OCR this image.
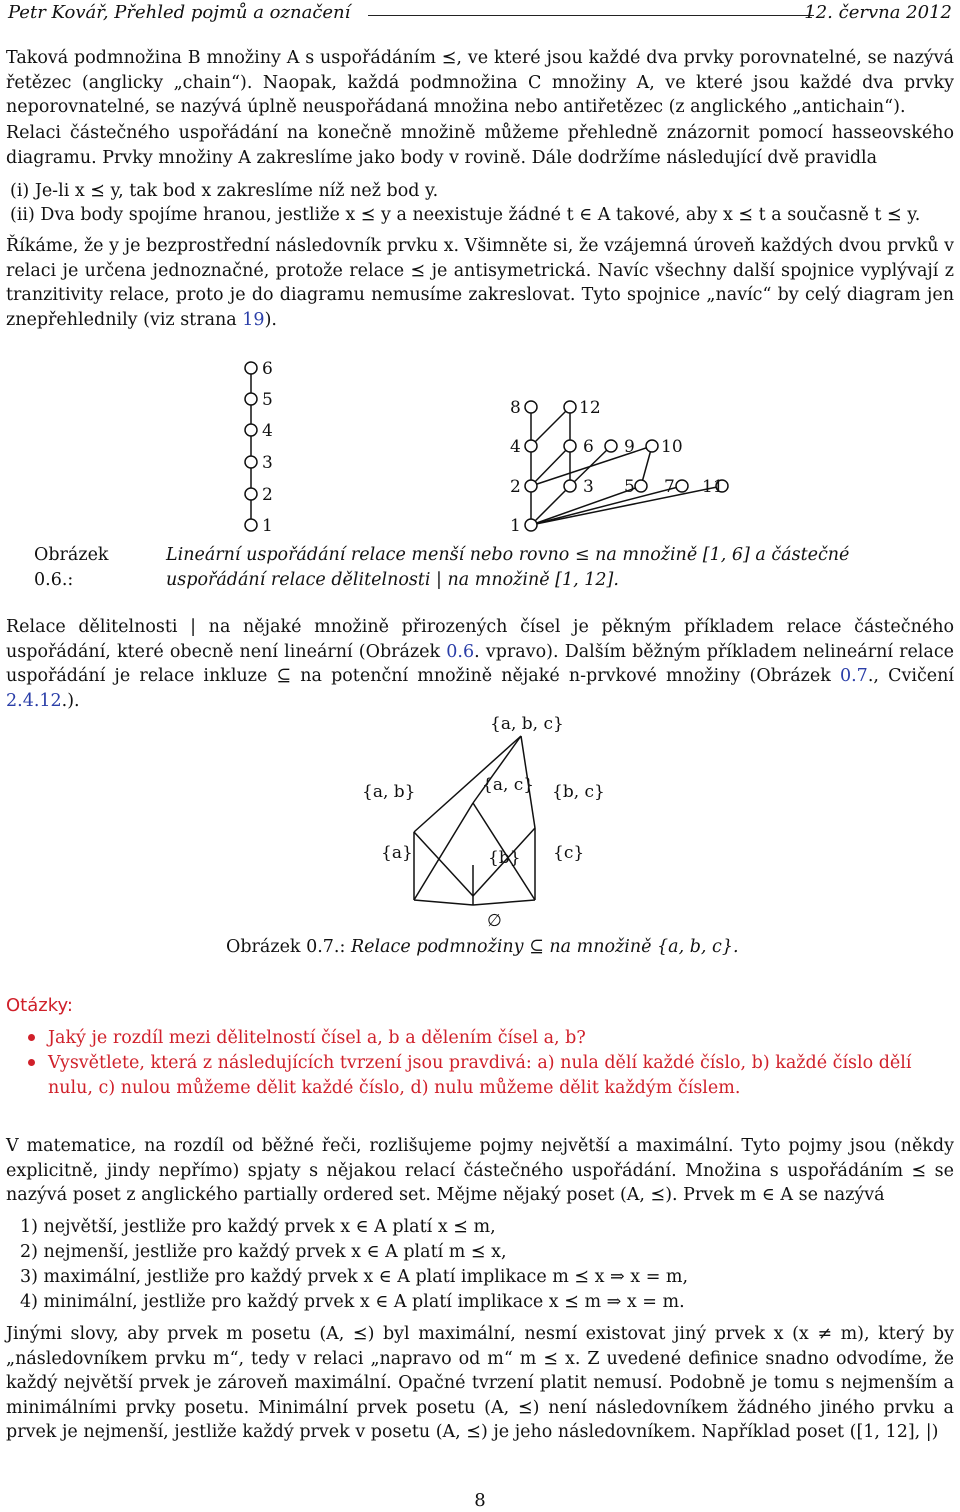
Petr Kovář, Přehled pojmů a označení	12. června 2012
Taková podmnožina B množiny A s uspořádáním ⪯, ve které jsou každé dva prvky porovnatelné, se nazývá řetězec (anglicky „chain“). Naopak, každá podmnožina C množiny A, ve které jsou každé dva prvky neporovnatelné, se nazývá úplně neuspořádaná množina nebo antiřetězec (z anglického „antichain“).
Relaci částečného uspořádání na konečně množině můžeme přehledně znázornit pomocí hasseovského diagramu. Prvky množiny A zakreslíme jako body v rovině. Dále dodržíme následující dvě pravidla
(i) Je-li x ⪯ y, tak bod x zakreslíme níž než bod y.
(ii) Dva body spojíme hranou, jestliže x ⪯ y a neexistuje žádné t ∈ A takové, aby x ⪯ t a současně t ⪯ y.
Říkáme, že y je bezprostřední následovník prvku x. Všimněte si, že vzájemná úroveň každých dvou prvků v relaci je určena jednoznačné, protože relace ⪯ je antisymetrická. Navíc všechny další spojnice vyplývají z tranzitivity relace, proto je do diagramu nemusíme zakreslovat. Tyto spojnice „navíc“ by celý diagram jen znepřehlednily (viz strana 19).
6
5
4
3
2
1	1
2	3 5 7 11
4	6 9 10
8	12
Obrázek 0.6.:
Lineární uspořádání relace menší nebo rovno ≤ na množině [1, 6] a částečné uspořádání relace dělitelnosti | na množině [1, 12].
Relace dělitelnosti | na nějaké množině přirozených čísel je pěkným příkladem relace částečného uspořádání, které obecně není lineární (Obrázek 0.6. vpravo). Dalším běžným příkladem nelineární relace uspořádání je relace inkluze ⊆ na potenční množině nějaké n-prvkové množiny (Obrázek 0.7., Cvičení 2.4.12.).
{a, b, c}
{a, b}	{a, c} {b, c}
{a}	{b} {c}
∅
Obrázek 0.7.: Relace podmnožiny ⊆ na množině {a, b, c}.
Otázky:
Jaký je rozdíl mezi dělitelností čísel a, b a dělením čísel a, b?
Vysvětlete, která z následujících tvrzení jsou pravdivá: a) nula dělí každé číslo, b) každé číslo dělí nulu, c) nulou můžeme dělit každé číslo, d) nulu můžeme dělit každým číslem.
V matematice, na rozdíl od běžné řeči, rozlišujeme pojmy největší a maximální. Tyto pojmy jsou (někdy explicitně, jindy nepřímo) spjaty s nějakou relací částečného uspořádání. Množina s uspořádáním ⪯ se nazývá poset z anglického partially ordered set. Mějme nějaký poset (A, ⪯). Prvek m ∈ A se nazývá
1) největší, jestliže pro každý prvek x ∈ A platí x ⪯ m,
2) nejmenší, jestliže pro každý prvek x ∈ A platí m ⪯ x,
3) maximální, jestliže pro každý prvek x ∈ A platí implikace m ⪯ x ⇒ x = m,
4) minimální, jestliže pro každý prvek x ∈ A platí implikace x ⪯ m ⇒ x = m.
Jinými slovy, aby prvek m posetu (A, ⪯) byl maximální, nesmí existovat jiný prvek x (x ≠ m), který by „následovníkem prvku m“, tedy v relaci „napravo od m“ m ⪯ x. Z uvedené definice snadno odvodíme, že každý největší prvek je zároveň maximální. Opačné tvrzení platit nemusí. Podobně je tomu s nejmenším a minimálními prvky posetu. Minimální prvek posetu (A, ⪯) není následovníkem žádného jiného prvku a prvek je nejmenší, jestliže každý prvek v posetu (A, ⪯) je jeho následovníkem. Například poset ([1, 12], |)
8
